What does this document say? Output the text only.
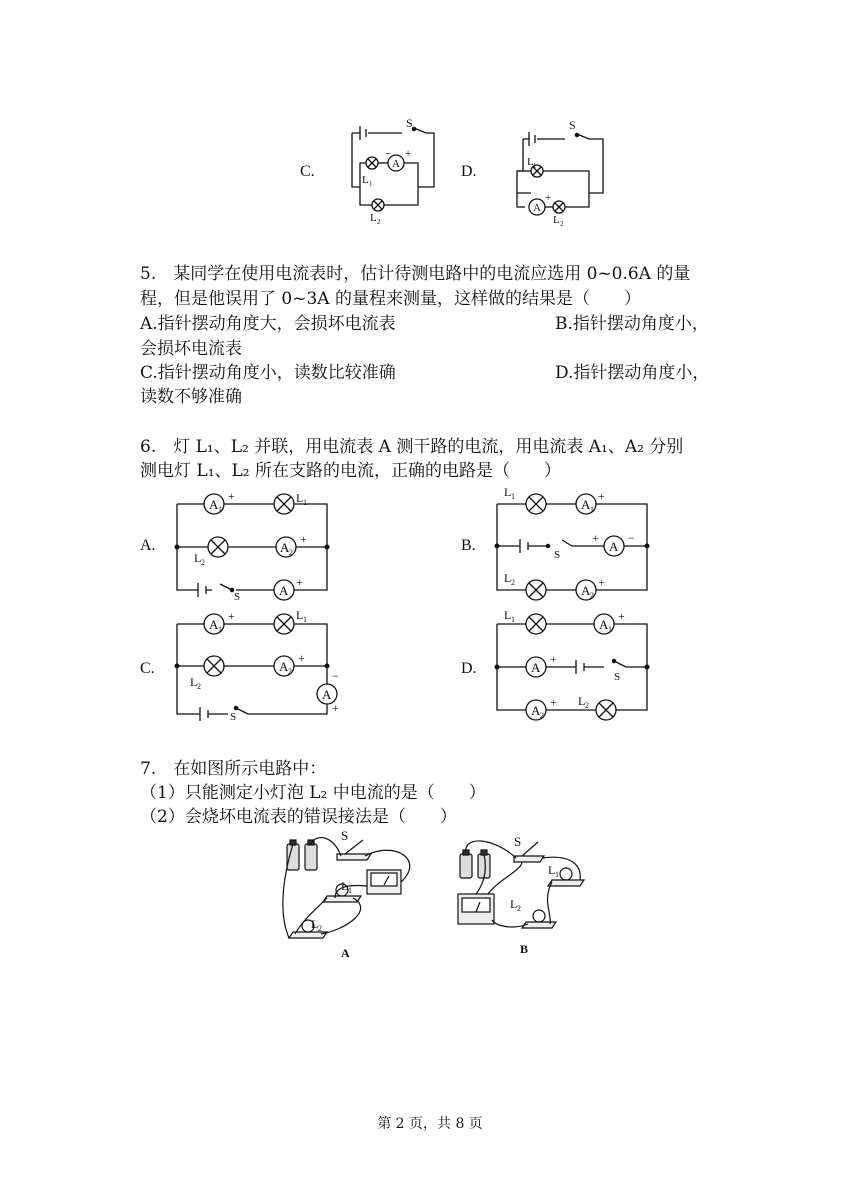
C.
S
A
− +
L 1
L 2
D.
S
L 1
A
−
+
L 2
5.　某同学在使用电流表时，估计待测电路中的电流应选用 0~0.6A 的量
程，但是他误用了 0~3A 的量程来测量，这样做的结果是（　　）
A.指针摆动角度大，会损坏电流表	B.指针摆动角度小，
会损坏电流表
C.指针摆动角度小，读数比较准确	D.指针摆动角度小，
读数不够准确
6.　灯 L₁、L₂ 并联，用电流表 A 测干路的电流，用电流表 A₁、A₂ 分别
测电灯 L₁、L₂ 所在支路的电流，正确的电路是（　　）
A.
− A 1
+	L 1
L 2
− A 2
+
A
−
+
S
B.
L 1
− A 1
+
S
+
A
−
L 2
− A 2
+
C.
− A 1
+	L 1
L 2
− A 2
+
−
A
+
S
D.
L 1	− A 1
+
− A
+
S
− A 2
+ L 2
7.　在如图所示电路中：
（1）只能测定小灯泡 L₂ 中电流的是（　　）
（2）会烧坏电流表的错误接法是（　　）
S
L 1
L 2
A
S
L 1
L 2
B
第 2 页，共 8 页
